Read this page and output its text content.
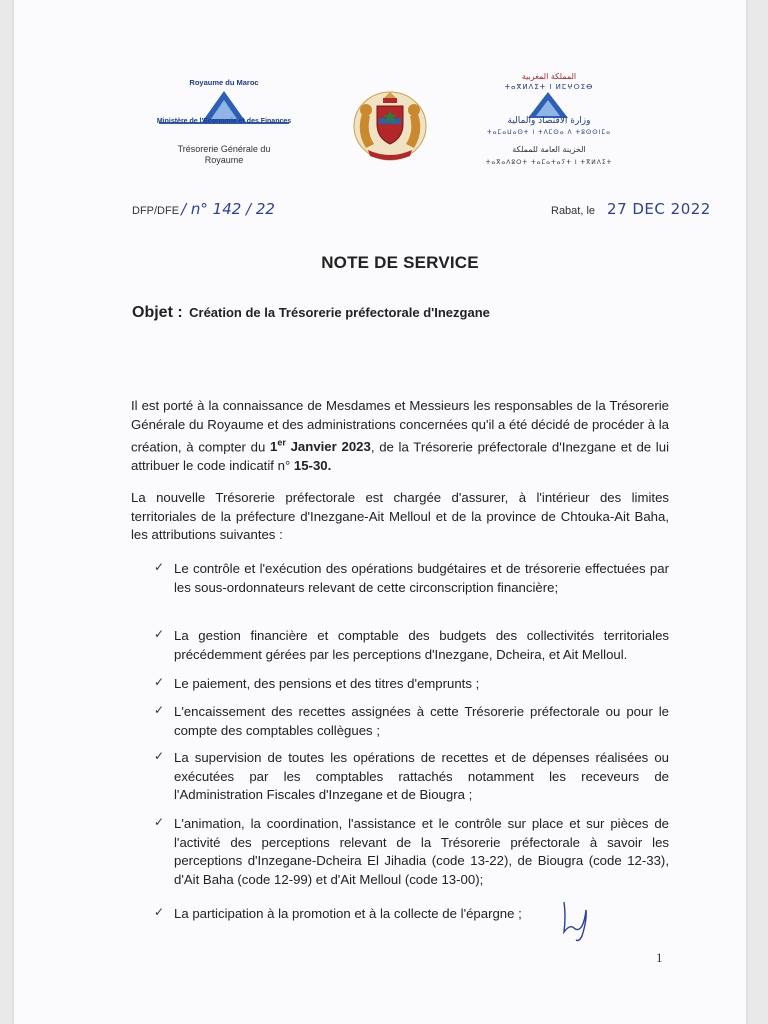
Royaume du Maroc
Ministère de l'Economie et des Finances
Trésorerie Générale du
Royaume
المملكة المغربية
ⵜⴰⴳⵍⴷⵉⵜ ⵏ ⵍⵎⵖⵔⵉⴱ
وزارة الاقتصاد والمالية
ⵜⴰⵎⴰⵡⴰⵙⵜ ⵏ ⵜⴷⵎⵙⴰ ⴷ ⵜⵓⵙⵙⵏⵎⴰ
الخزينة العامة للمملكة
ⵜⴰⴳⴰⴷⵓⵔⵜ ⵜⴰⵎⴰⵜⴰⵢⵜ ⵏ ⵜⴳⵍⴷⵉⵜ
DFP/DFE / n° 142 / 22	Rabat, le 27 DEC 2022
NOTE DE SERVICE
Objet : Création de la Trésorerie préfectorale d'Inezgane
Il est porté à la connaissance de Mesdames et Messieurs les responsables de la Trésorerie Générale du Royaume et des administrations concernées qu'il a été décidé de procéder à la création, à compter du 1er Janvier 2023, de la Trésorerie préfectorale d'Inezgane et de lui attribuer le code indicatif n° 15-30.
La nouvelle Trésorerie préfectorale est chargée d'assurer, à l'intérieur des limites territoriales de la préfecture d'Inezgane-Ait Melloul et de la province de Chtouka-Ait Baha, les attributions suivantes :
✓ Le contrôle et l'exécution des opérations budgétaires et de trésorerie effectuées par les sous-ordonnateurs relevant de cette circonscription financière;
✓ La gestion financière et comptable des budgets des collectivités territoriales précédemment gérées par les perceptions d'Inezgane, Dcheira, et Ait Melloul.
✓ Le paiement, des pensions et des titres d'emprunts ;
✓ L'encaissement des recettes assignées à cette Trésorerie préfectorale ou pour le compte des comptables collègues ;
✓ La supervision de toutes les opérations de recettes et de dépenses réalisées ou exécutées par les comptables rattachés notamment les receveurs de l'Administration Fiscales d'Inzegane et de Biougra ;
✓ L'animation, la coordination, l'assistance et le contrôle sur place et sur pièces de l'activité des perceptions relevant de la Trésorerie préfectorale à savoir les perceptions d'Inzegane-Dcheira El Jihadia (code 13-22), de Biougra (code 12-33), d'Ait Baha (code 12-99) et d'Ait Melloul (code 13-00);
✓ La participation à la promotion et à la collecte de l'épargne ;
1
